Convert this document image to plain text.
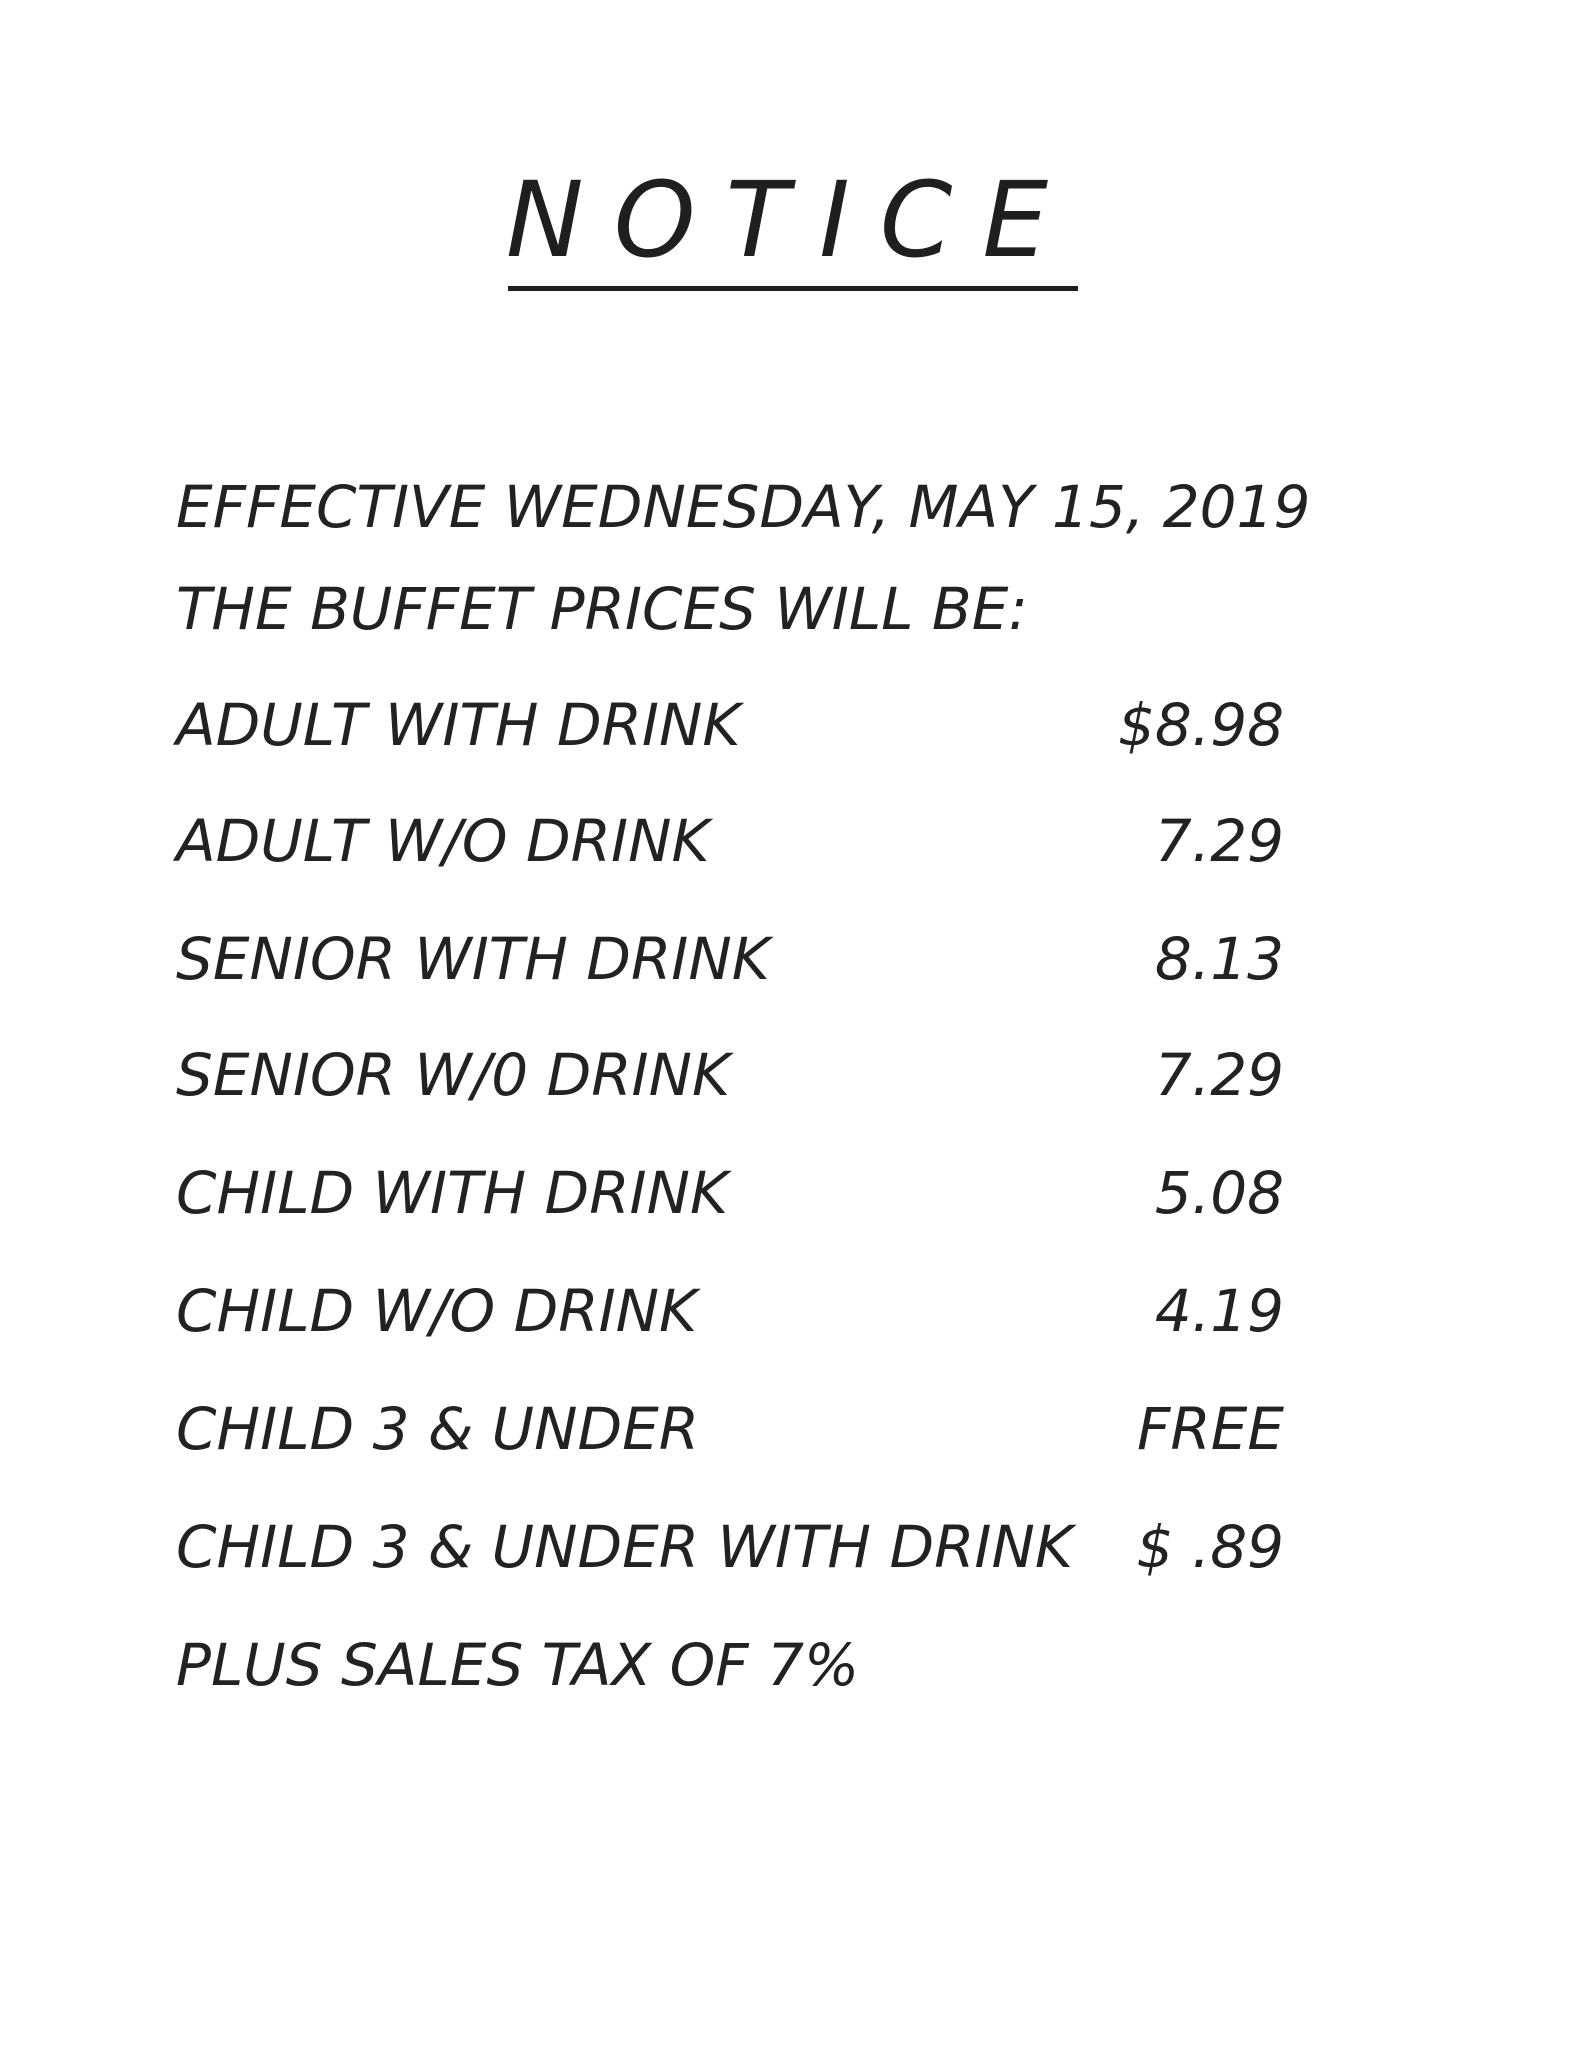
NOTICE
EFFECTIVE WEDNESDAY, MAY 15, 2019
THE BUFFET PRICES WILL BE:
ADULT WITH DRINK	$8.98
ADULT W/O DRINK	7.29
SENIOR WITH DRINK	8.13
SENIOR W/0 DRINK	7.29
CHILD WITH DRINK	5.08
CHILD W/O DRINK	4.19
CHILD 3 & UNDER	FREE
CHILD 3 & UNDER WITH DRINK $ .89
PLUS SALES TAX OF 7%
